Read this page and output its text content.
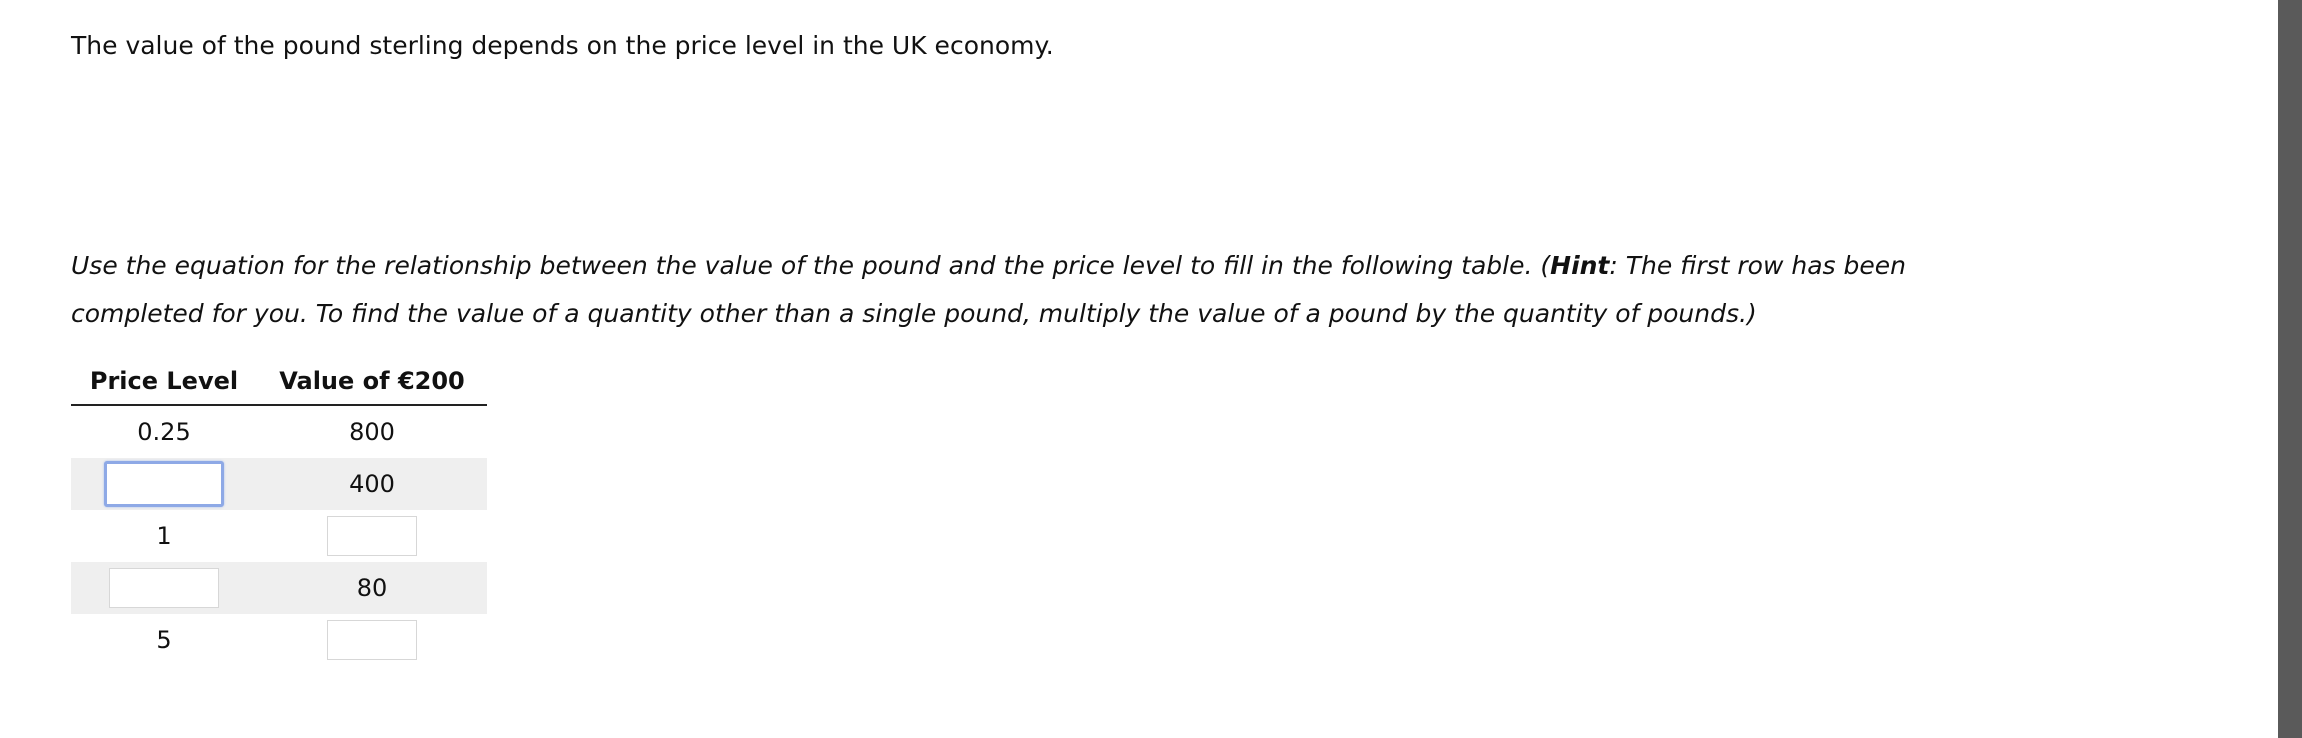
The value of the pound sterling depends on the price level in the UK economy.
Use the equation for the relationship between the value of the pound and the price level to fill in the following table. (Hint: The first row has been completed for you. To find the value of a quantity other than a single pound, multiply the value of a pound by the quantity of pounds.)
Price Level	Value of €200
0.25	800
	400
1	
	80
5	
